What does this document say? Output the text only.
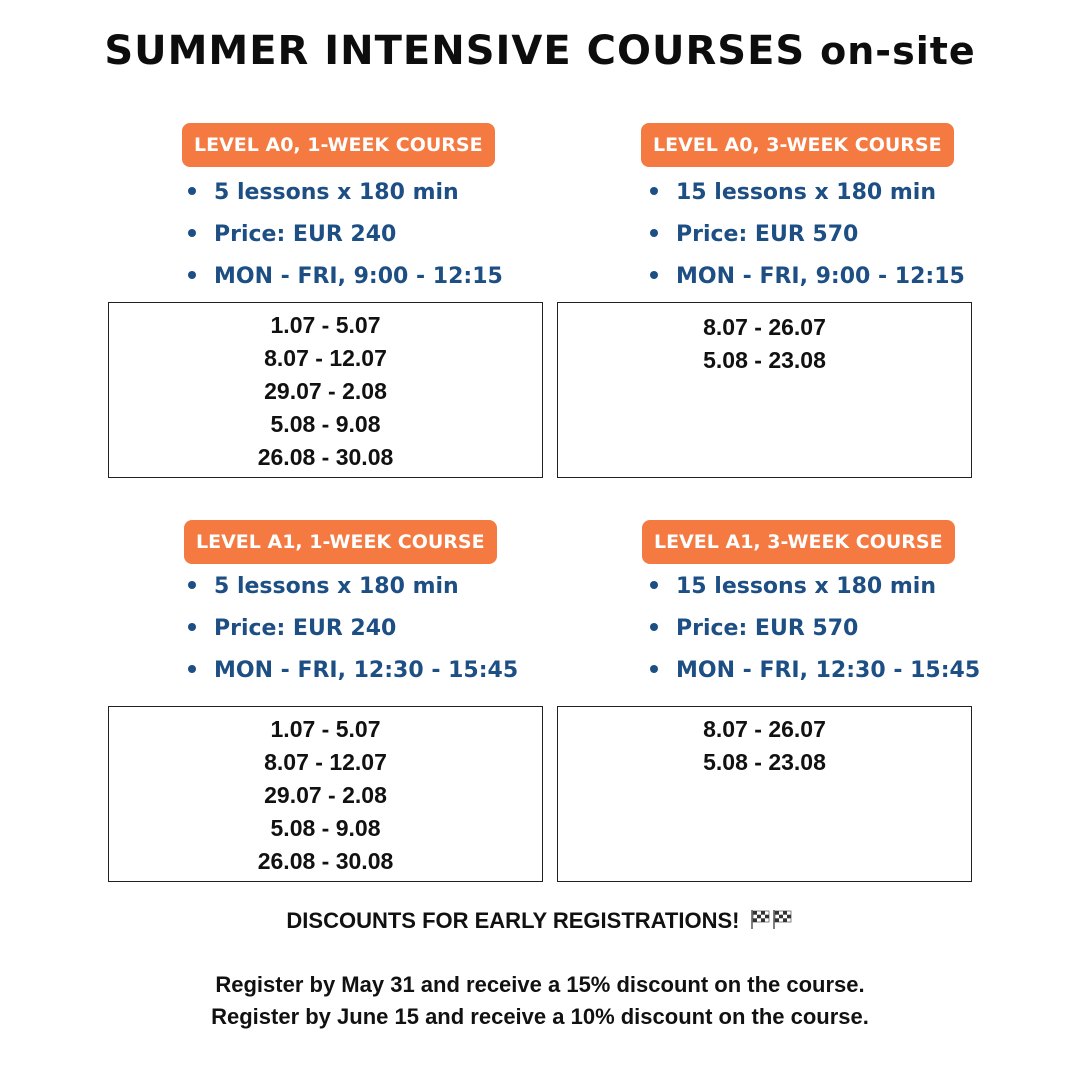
SUMMER INTENSIVE COURSES on-site
LEVEL A0, 1-WEEK COURSE
5 lessons x 180 min
Price: EUR 240
MON - FRI, 9:00 - 12:15
1.07 - 5.07
8.07 - 12.07
29.07 - 2.08
5.08 - 9.08
26.08 - 30.08
LEVEL A0, 3-WEEK COURSE
15 lessons x 180 min
Price: EUR 570
MON - FRI, 9:00 - 12:15
8.07 - 26.07
5.08 - 23.08
LEVEL A1, 1-WEEK COURSE
5 lessons x 180 min
Price: EUR 240
MON - FRI, 12:30 - 15:45
1.07 - 5.07
8.07 - 12.07
29.07 - 2.08
5.08 - 9.08
26.08 - 30.08
LEVEL A1, 3-WEEK COURSE
15 lessons x 180 min
Price: EUR 570
MON - FRI, 12:30 - 15:45
8.07 - 26.07
5.08 - 23.08
DISCOUNTS FOR EARLY REGISTRATIONS!
Register by May 31 and receive a 15% discount on the course.
Register by June 15 and receive a 10% discount on the course.
